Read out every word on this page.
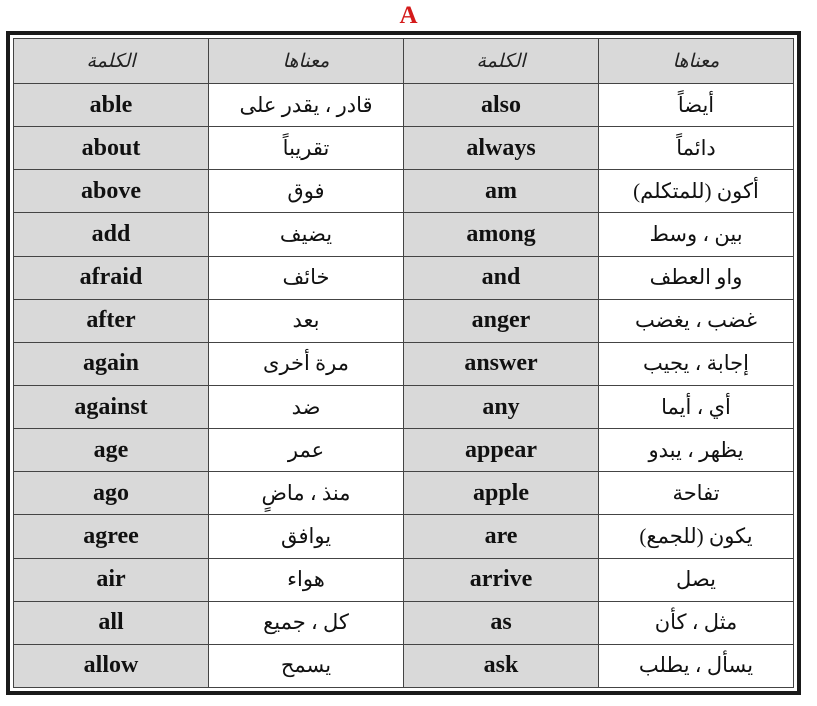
A
الكلمة	معناها	الكلمة	معناها
able	قادر ، يقدر على	also	أيضاً
about	تقريباً	always	دائماً
above	فوق	am	أكون (للمتكلم)
add	يضيف	among	بين ، وسط
afraid	خائف	and	واو العطف
after	بعد	anger	غضب ، يغضب
again	مرة أخرى	answer	إجابة ، يجيب
against	ضد	any	أي ، أيما
age	عمر	appear	يظهر ، يبدو
ago	منذ ، ماضٍ	apple	تفاحة
agree	يوافق	are	يكون (للجمع)
air	هواء	arrive	يصل
all	كل ، جميع	as	مثل ، كأن
allow	يسمح	ask	يسأل ، يطلب
